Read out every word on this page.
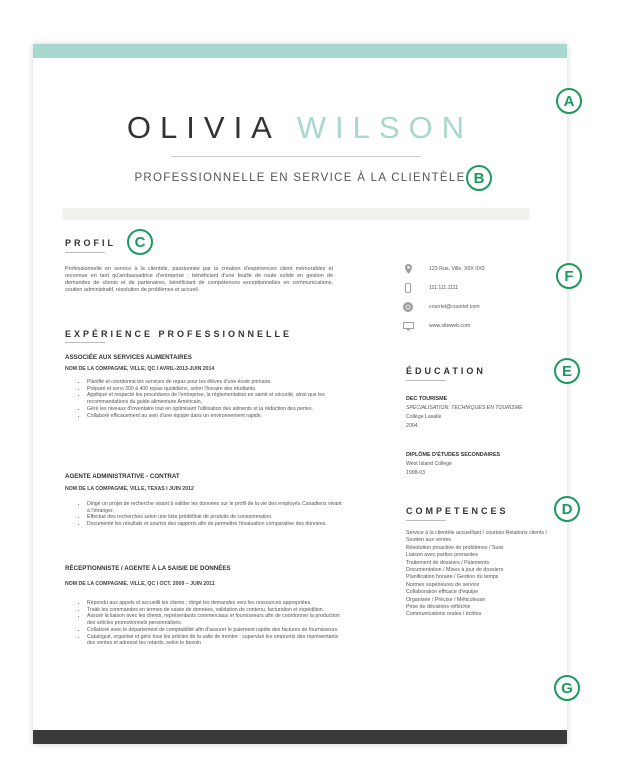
OLIVIA WILSON
PROFESSIONNELLE EN SERVICE À LA CLIENTÈLE
PROFIL
Professionnelle en service à la clientèle, passionnée par la création d'expériences client mémorables et reconnue en tant qu'ambassadrice d'entreprise ; bénéficiant d'une feuille de route solide en gestion de demandes de clients et de partenaires, bénéficiant de compétences exceptionnelles en communications, soutien administratif, résolution de problèmes et accueil.
EXPÉRIENCE PROFESSIONNELLE
ASSOCIÉE AUX SERVICES ALIMENTAIRES
NOM DE LA COMPAGNIE, VILLE, QC I AVRIL-2013-JUIN 2014
• Planifié et coordonné les services de repas pour les élèves d'une école primaire.
• Préparé et servi 300 à 400 repas quotidiens, selon l'horaire des étudiants.
• Appliqué et respecté les procédures de l'entreprise, la réglementation en santé et sécurité, ainsi que les recommandations du guide alimentaire Américain.
• Géré les niveaux d'inventaire tout en optimisant l'utilisation des aliments et la réduction des pertes.
• Collaboré efficacement au sein d'une équipe dans un environnement rapide.
AGENTE ADMINISTRATIVE - CONTRAT
NOM DE LA COMPAGNIE, VILLE, TEXAS I JUIN 2012
• Dirigé un projet de recherche visant à valider les données sur le profil de la vie des employés Canadiens vivant à l'étranger.
• Effectué des recherches selon une liste prédéfinie de produits de consommation.
• Documenté les résultats et soumis des rapports afin de permettre l'évaluation comparative des données.
RÉCEPTIONNISTE / AGENTE À LA SAISIE DE DONNÉES
NOM DE LA COMPAGNIE, VILLE, QC I OCT. 2009 – JUIN 2011
• Répondu aux appels et accueilli les clients ; dirigé les demandes vers les ressources appropriées.
• Traité les commandes en termes de saisie de données, validation de contenu, facturation et expédition.
• Assuré la liaison avec les clients, représentants commerciaux et fournisseurs afin de coordonner la production des articles promotionnels personnalisés.
• Collaboré avec le département de comptabilité afin d'assurer le paiement rapide des factures de fournisseurs.
• Catalogué, organisé et géré tous les articles de la salle de montre ; supervisé les emprunts des représentants des ventes et adressé les retards, selon le besoin
123 Rue, Ville, X0X 0X0
111.111.1111
courriel@courriel.com
www.siteweb.com
ÉDUCATION
DEC TOURISME
SPÉCIALISATION: TECHNIQUES EN TOURISME
Collège Lasalle
2004
DIPLÔME D'ÉTUDES SECONDAIRES
West Island College
1998-03
COMPETENCES
Service à la clientèle accueillant / courtois Relations clients / Soutien aux ventes
Résolution proactive de problèmes / Suivi
Liaison avec parties prenantes
Traitement de dossiers / Paiements
Documentation / Mises à jour de dossiers
Planification horaire / Gestion du temps
Normes supérieures de service
Collaboration efficace d'équipe
Organisée / Précise / Méticuleuse
Prise de décisions réfléchie
Communications orales / écrites
A
B
C
F
E
D
G
